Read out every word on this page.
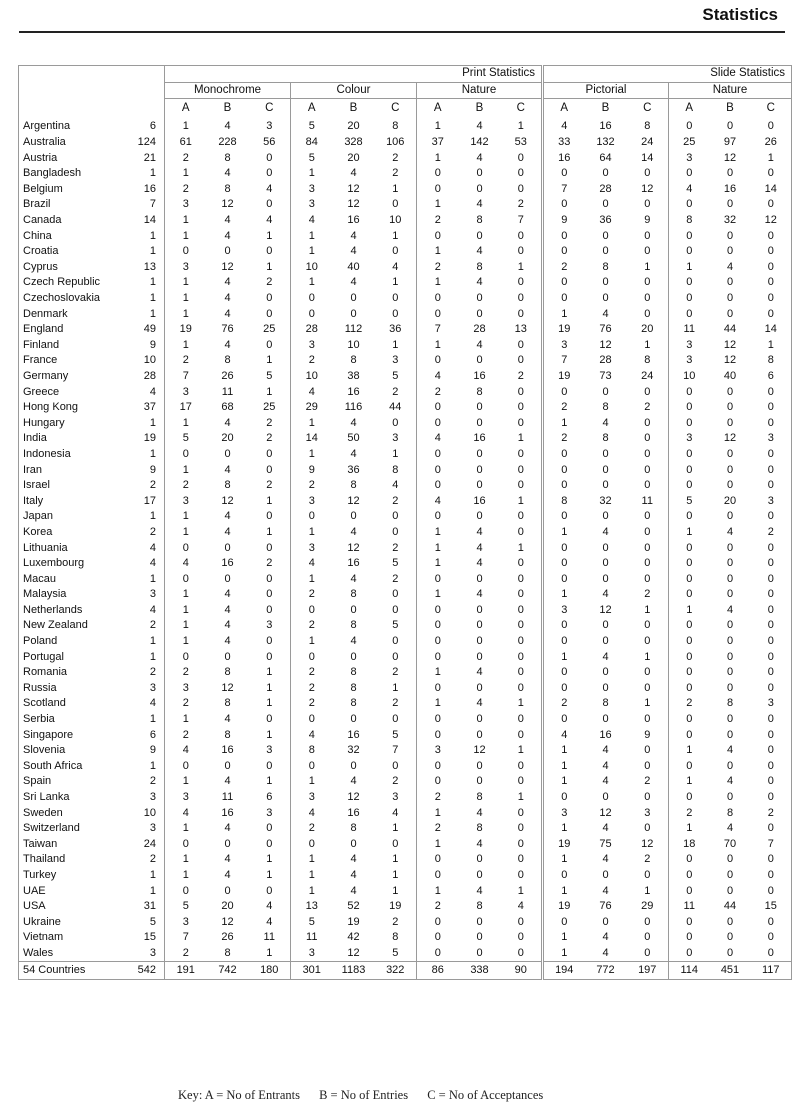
Statistics
		Print Statistics									Slide Statistics					
		Monochrome			Colour			Nature			Pictorial			Nature		
		A	B	C	A	B	C	A	B	C	A	B	C	A	B	C
Argentina	6	1	4	3	5	20	8	1	4	1	4	16	8	0	0	0
Australia	124	61	228	56	84	328	106	37	142	53	33	132	24	25	97	26
Austria	21	2	8	0	5	20	2	1	4	0	16	64	14	3	12	1
Bangladesh	1	1	4	0	1	4	2	0	0	0	0	0	0	0	0	0
Belgium	16	2	8	4	3	12	1	0	0	0	7	28	12	4	16	14
Brazil	7	3	12	0	3	12	0	1	4	2	0	0	0	0	0	0
Canada	14	1	4	4	4	16	10	2	8	7	9	36	9	8	32	12
China	1	1	4	1	1	4	1	0	0	0	0	0	0	0	0	0
Croatia	1	0	0	0	1	4	0	1	4	0	0	0	0	0	0	0
Cyprus	13	3	12	1	10	40	4	2	8	1	2	8	1	1	4	0
Czech Republic	1	1	4	2	1	4	1	1	4	0	0	0	0	0	0	0
Czechoslovakia	1	1	4	0	0	0	0	0	0	0	0	0	0	0	0	0
Denmark	1	1	4	0	0	0	0	0	0	0	1	4	0	0	0	0
England	49	19	76	25	28	112	36	7	28	13	19	76	20	11	44	14
Finland	9	1	4	0	3	10	1	1	4	0	3	12	1	3	12	1
France	10	2	8	1	2	8	3	0	0	0	7	28	8	3	12	8
Germany	28	7	26	5	10	38	5	4	16	2	19	73	24	10	40	6
Greece	4	3	11	1	4	16	2	2	8	0	0	0	0	0	0	0
Hong Kong	37	17	68	25	29	116	44	0	0	0	2	8	2	0	0	0
Hungary	1	1	4	2	1	4	0	0	0	0	1	4	0	0	0	0
India	19	5	20	2	14	50	3	4	16	1	2	8	0	3	12	3
Indonesia	1	0	0	0	1	4	1	0	0	0	0	0	0	0	0	0
Iran	9	1	4	0	9	36	8	0	0	0	0	0	0	0	0	0
Israel	2	2	8	2	2	8	4	0	0	0	0	0	0	0	0	0
Italy	17	3	12	1	3	12	2	4	16	1	8	32	11	5	20	3
Japan	1	1	4	0	0	0	0	0	0	0	0	0	0	0	0	0
Korea	2	1	4	1	1	4	0	1	4	0	1	4	0	1	4	2
Lithuania	4	0	0	0	3	12	2	1	4	1	0	0	0	0	0	0
Luxembourg	4	4	16	2	4	16	5	1	4	0	0	0	0	0	0	0
Macau	1	0	0	0	1	4	2	0	0	0	0	0	0	0	0	0
Malaysia	3	1	4	0	2	8	0	1	4	0	1	4	2	0	0	0
Netherlands	4	1	4	0	0	0	0	0	0	0	3	12	1	1	4	0
New Zealand	2	1	4	3	2	8	5	0	0	0	0	0	0	0	0	0
Poland	1	1	4	0	1	4	0	0	0	0	0	0	0	0	0	0
Portugal	1	0	0	0	0	0	0	0	0	0	1	4	1	0	0	0
Romania	2	2	8	1	2	8	2	1	4	0	0	0	0	0	0	0
Russia	3	3	12	1	2	8	1	0	0	0	0	0	0	0	0	0
Scotland	4	2	8	1	2	8	2	1	4	1	2	8	1	2	8	3
Serbia	1	1	4	0	0	0	0	0	0	0	0	0	0	0	0	0
Singapore	6	2	8	1	4	16	5	0	0	0	4	16	9	0	0	0
Slovenia	9	4	16	3	8	32	7	3	12	1	1	4	0	1	4	0
South Africa	1	0	0	0	0	0	0	0	0	0	1	4	0	0	0	0
Spain	2	1	4	1	1	4	2	0	0	0	1	4	2	1	4	0
Sri Lanka	3	3	11	6	3	12	3	2	8	1	0	0	0	0	0	0
Sweden	10	4	16	3	4	16	4	1	4	0	3	12	3	2	8	2
Switzerland	3	1	4	0	2	8	1	2	8	0	1	4	0	1	4	0
Taiwan	24	0	0	0	0	0	0	1	4	0	19	75	12	18	70	7
Thailand	2	1	4	1	1	4	1	0	0	0	1	4	2	0	0	0
Turkey	1	1	4	1	1	4	1	0	0	0	0	0	0	0	0	0
UAE	1	0	0	0	1	4	1	1	4	1	1	4	1	0	0	0
USA	31	5	20	4	13	52	19	2	8	4	19	76	29	11	44	15
Ukraine	5	3	12	4	5	19	2	0	0	0	0	0	0	0	0	0
Vietnam	15	7	26	11	11	42	8	0	0	0	1	4	0	0	0	0
Wales	3	2	8	1	3	12	5	0	0	0	1	4	0	0	0	0
54 Countries	542	191	742	180	301	1183	322	86	338	90	194	772	197	114	451	117
Key: A = No of Entrants B = No of Entries C = No of Acceptances
